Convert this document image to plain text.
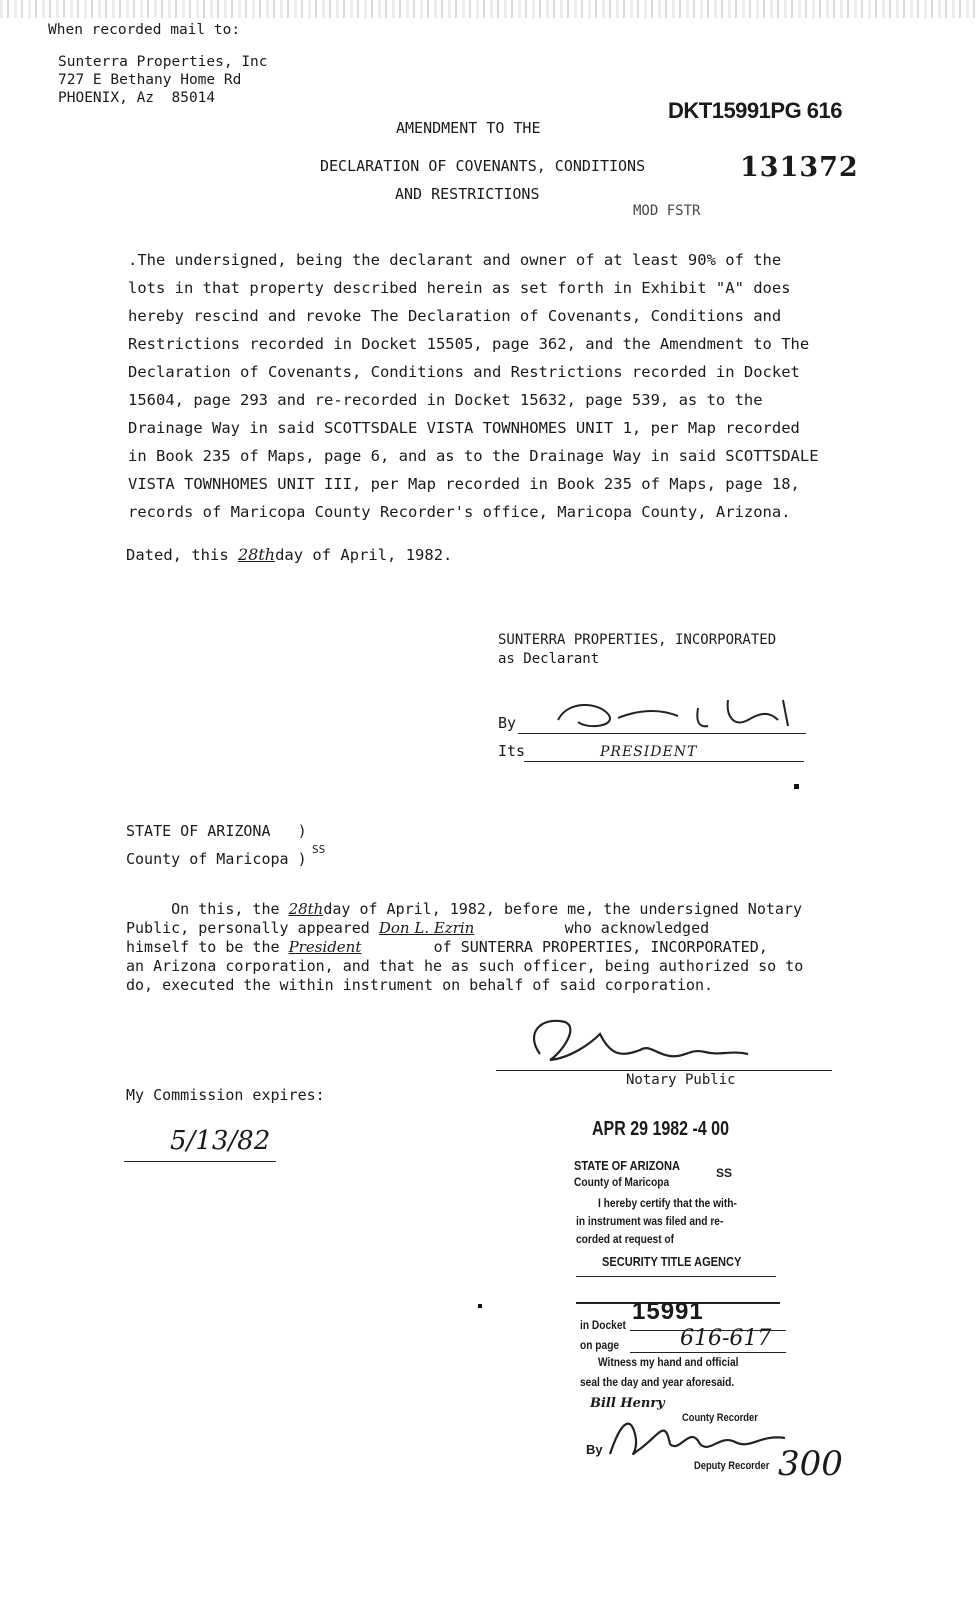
When recorded mail to:
Sunterra Properties, Inc
727 E Bethany Home Rd
PHOENIX, Az  85014	DKT15991PG 616
131372
MOD FSTR
AMENDMENT TO THE
DECLARATION OF COVENANTS, CONDITIONS
AND RESTRICTIONS
.The undersigned, being the declarant and owner of at least 90% of the
lots in that property described herein as set forth in Exhibit "A" does
hereby rescind and revoke The Declaration of Covenants, Conditions and
Restrictions recorded in Docket 15505, page 362, and the Amendment to The
Declaration of Covenants, Conditions and Restrictions recorded in Docket
15604, page 293 and re-recorded in Docket 15632, page 539, as to the
Drainage Way in said SCOTTSDALE VISTA TOWNHOMES UNIT 1, per Map recorded
in Book 235 of Maps, page 6, and as to the Drainage Way in said SCOTTSDALE
VISTA TOWNHOMES UNIT III, per Map recorded in Book 235 of Maps, page 18,
records of Maricopa County Recorder's office, Maricopa County, Arizona.
Dated, this 28thday of April, 1982.
SUNTERRA PROPERTIES, INCORPORATED
as Declarant
By
Its	PRESIDENT
STATE OF ARIZONA   )
County of Maricopa )
SS
On this, the 28thday of April, 1982, before me, the undersigned Notary
Public, personally appeared Don L. Ezrin          who acknowledged
himself to be the President        of SUNTERRA PROPERTIES, INCORPORATED,
an Arizona corporation, and that he as such officer, being authorized so to
do, executed the within instrument on behalf of said corporation.
Notary Public
My Commission expires:
5/13/82	APR 29 1982 -4 00
STATE OF ARIZONA
County of Maricopa
SS
I hereby certify that the with-
in instrument was filed and re-
corded at request of
SECURITY TITLE AGENCY
in Docket 15991
on page	616-617
Witness my hand and official
seal the day and year aforesaid.
Bill Henry
County Recorder
By
Deputy Recorder 300
